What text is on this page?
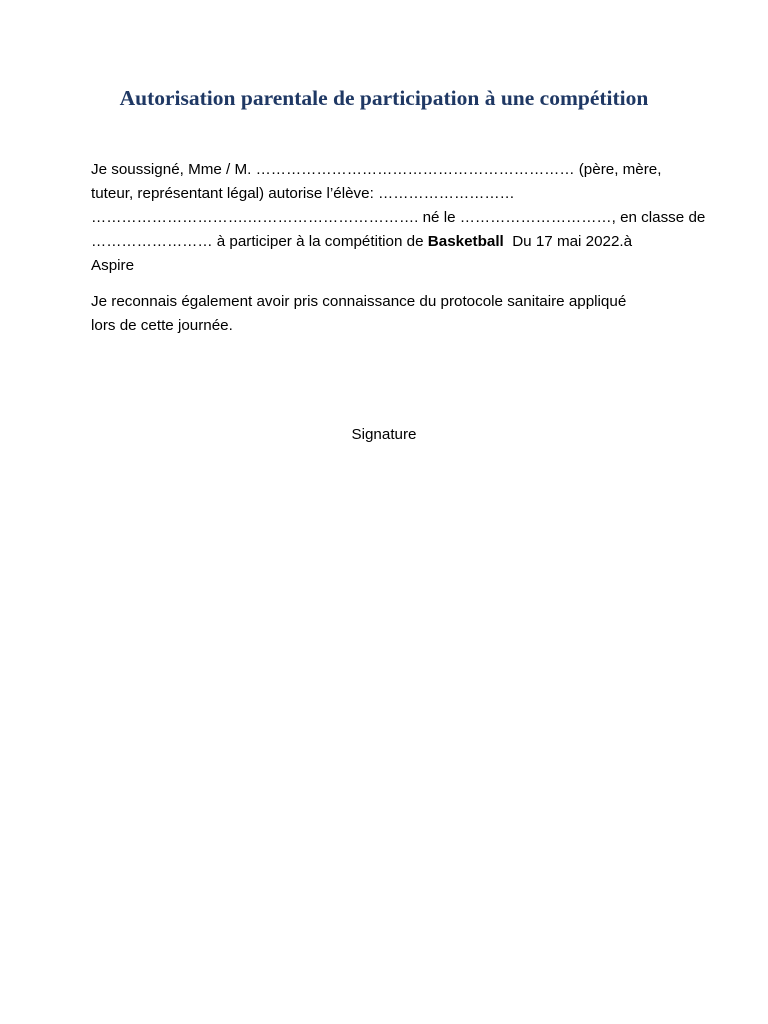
Autorisation parentale de participation à une compétition
Je soussigné, Mme / M. ……………………………………………………… (père, mère,
tuteur, représentant légal) autorise l’élève: ………………………
………………………….……………………………. né le …………………………, en classe de
…………………… à participer à la compétition de Basketball  Du 17 mai 2022.à
Aspire
Je reconnais également avoir pris connaissance du protocole sanitaire appliqué
lors de cette journée.
Signature
